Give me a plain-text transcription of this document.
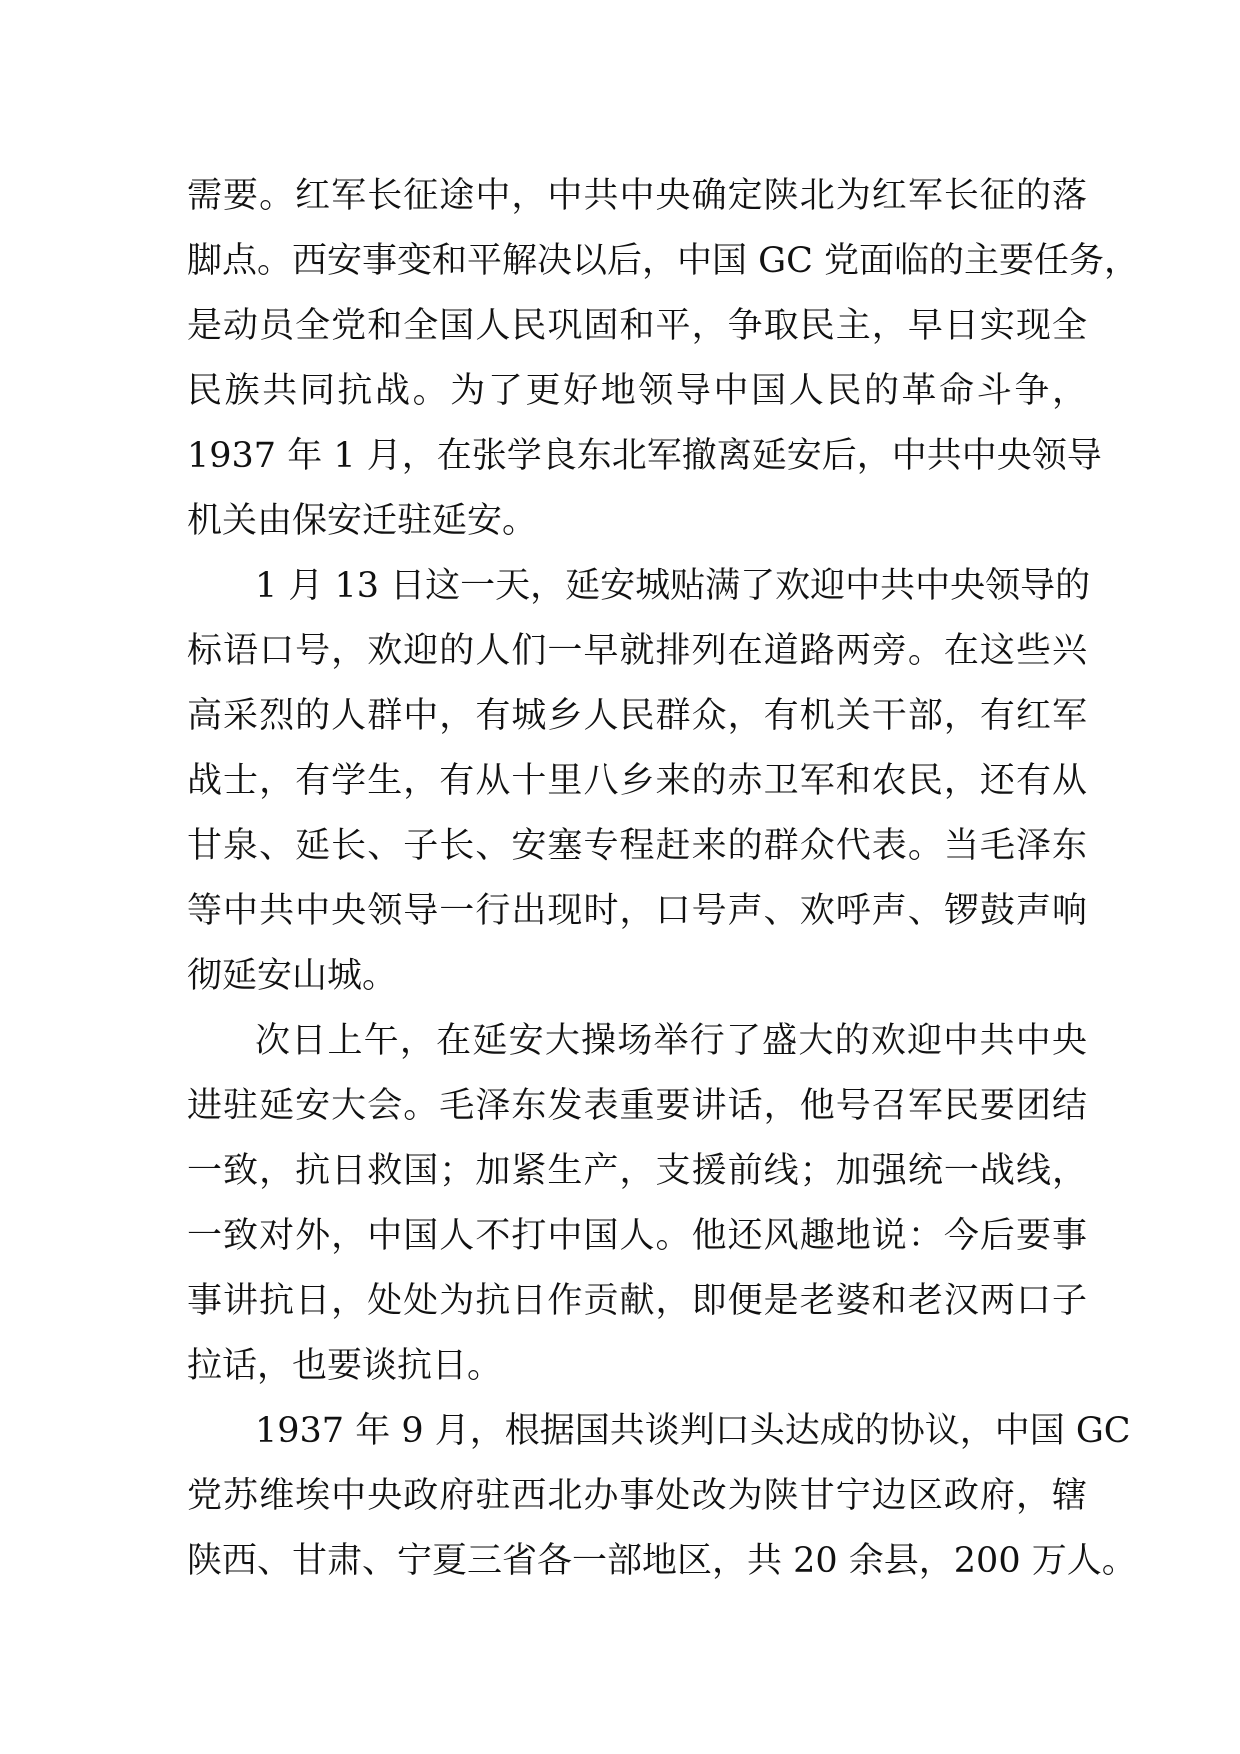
需要。红军长征途中，中共中央确定陕北为红军长征的落
脚点。西安事变和平解决以后，中国 GC 党面临的主要任务，
是动员全党和全国人民巩固和平，争取民主，早日实现全
民族共同抗战。为了更好地领导中国人民的革命斗争，
1937 年 1 月，在张学良东北军撤离延安后，中共中央领导
机关由保安迁驻延安。
1 月 13 日这一天，延安城贴满了欢迎中共中央领导的
标语口号，欢迎的人们一早就排列在道路两旁。在这些兴
高采烈的人群中，有城乡人民群众，有机关干部，有红军
战士，有学生，有从十里八乡来的赤卫军和农民，还有从
甘泉、延长、子长、安塞专程赶来的群众代表。当毛泽东
等中共中央领导一行出现时，口号声、欢呼声、锣鼓声响
彻延安山城。
次日上午，在延安大操场举行了盛大的欢迎中共中央
进驻延安大会。毛泽东发表重要讲话，他号召军民要团结
一致，抗日救国；加紧生产，支援前线；加强统一战线，
一致对外，中国人不打中国人。他还风趣地说：今后要事
事讲抗日，处处为抗日作贡献，即便是老婆和老汉两口子
拉话，也要谈抗日。
1937 年 9 月，根据国共谈判口头达成的协议，中国 GC
党苏维埃中央政府驻西北办事处改为陕甘宁边区政府，辖
陕西、甘肃、宁夏三省各一部地区，共 20 余县，200 万人。
